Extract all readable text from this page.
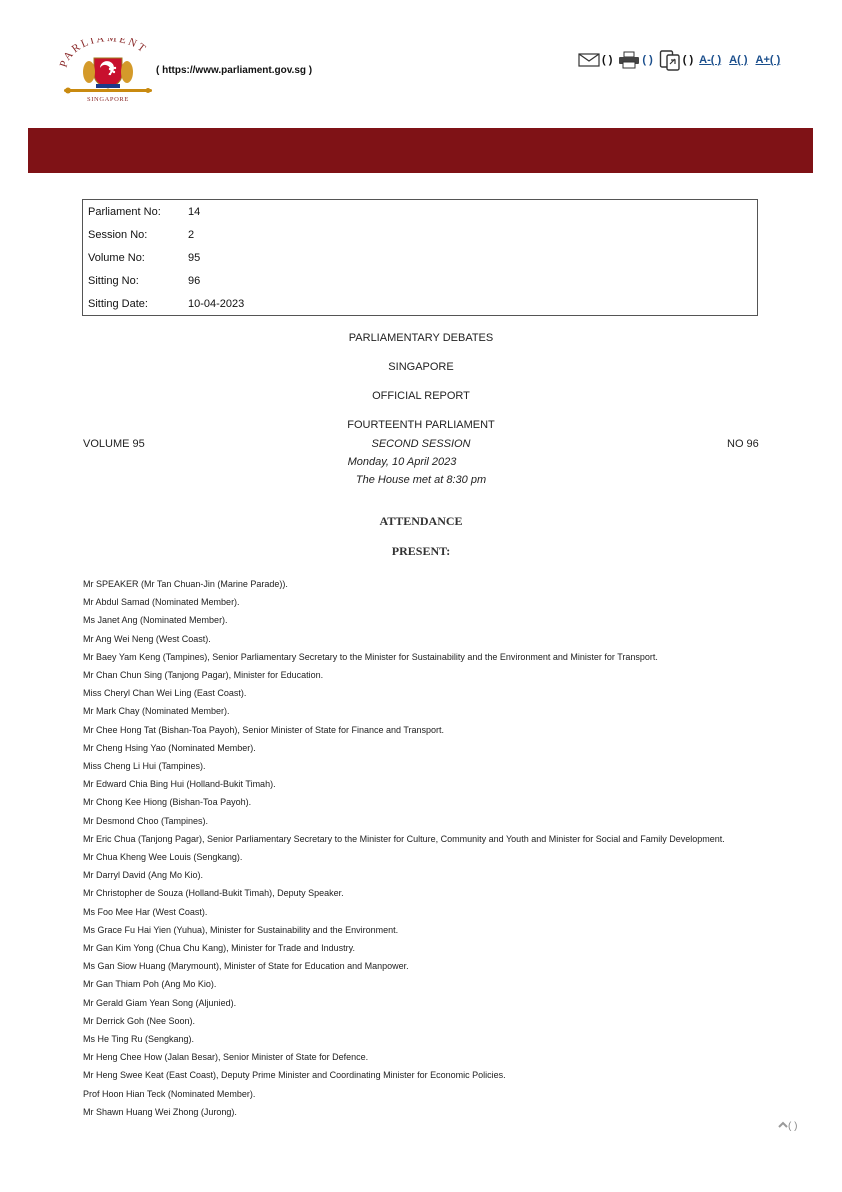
PARLIAMENT
SINGAPORE
( https://www.parliament.gov.sg )
( )	( )	( ) A-( ) A( ) A+( )
Parliament No: 14
Session No:	2
Volume No:	95
Sitting No:	96
Sitting Date:	10-04-2023
PARLIAMENTARY DEBATES
SINGAPORE
OFFICIAL REPORT
FOURTEENTH PARLIAMENT
VOLUME 95	SECOND SESSION	NO 96
Monday, 10 April 2023
The House met at 8:30 pm
ATTENDANCE
PRESENT:
Mr SPEAKER (Mr Tan Chuan-Jin (Marine Parade)).
Mr Abdul Samad (Nominated Member).
Ms Janet Ang (Nominated Member).
Mr Ang Wei Neng (West Coast).
Mr Baey Yam Keng (Tampines), Senior Parliamentary Secretary to the Minister for Sustainability and the Environment and Minister for Transport.
Mr Chan Chun Sing (Tanjong Pagar), Minister for Education.
Miss Cheryl Chan Wei Ling (East Coast).
Mr Mark Chay (Nominated Member).
Mr Chee Hong Tat (Bishan-Toa Payoh), Senior Minister of State for Finance and Transport.
Mr Cheng Hsing Yao (Nominated Member).
Miss Cheng Li Hui (Tampines).
Mr Edward Chia Bing Hui (Holland-Bukit Timah).
Mr Chong Kee Hiong (Bishan-Toa Payoh).
Mr Desmond Choo (Tampines).
Mr Eric Chua (Tanjong Pagar), Senior Parliamentary Secretary to the Minister for Culture, Community and Youth and Minister for Social and Family Development.
Mr Chua Kheng Wee Louis (Sengkang).
Mr Darryl David (Ang Mo Kio).
Mr Christopher de Souza (Holland-Bukit Timah), Deputy Speaker.
Ms Foo Mee Har (West Coast).
Ms Grace Fu Hai Yien (Yuhua), Minister for Sustainability and the Environment.
Mr Gan Kim Yong (Chua Chu Kang), Minister for Trade and Industry.
Ms Gan Siow Huang (Marymount), Minister of State for Education and Manpower.
Mr Gan Thiam Poh (Ang Mo Kio).
Mr Gerald Giam Yean Song (Aljunied).
Mr Derrick Goh (Nee Soon).
Ms He Ting Ru (Sengkang).
Mr Heng Chee How (Jalan Besar), Senior Minister of State for Defence.
Mr Heng Swee Keat (East Coast), Deputy Prime Minister and Coordinating Minister for Economic Policies.
Prof Hoon Hian Teck (Nominated Member).
Mr Shawn Huang Wei Zhong (Jurong).
( )
